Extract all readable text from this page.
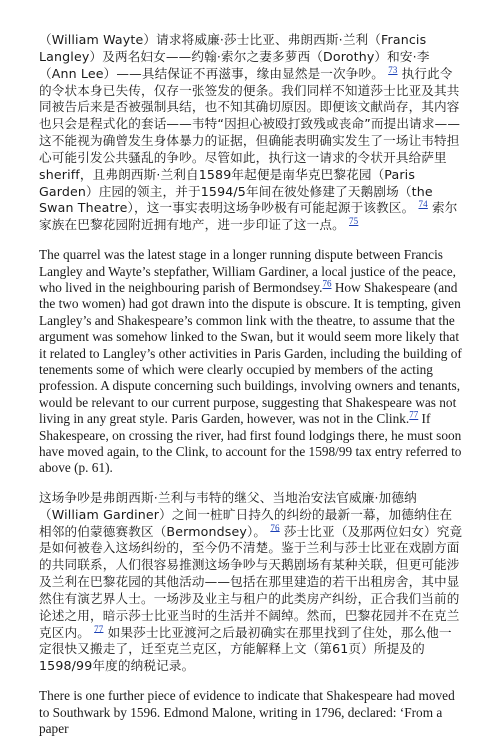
（William Wayte）请求将威廉·莎士比亚、弗朗西斯·兰利（Francis Langley）及两名妇女——约翰·索尔之妻多萝西（Dorothy）和安·李（Ann Lee）——具结保证不再滋事，缘由显然是一次争吵。 $^{73}$ 执行此令的令状本身已失传，仅存一张签发的便条。我们同样不知道莎士比亚及其共同被告后来是否被强制具结，也不知其确切原因。即便该文献尚存，其内容也只会是程式化的套话——韦特“因担心被殴打致残或丧命”而提出请求——这不能视为确曾发生身体暴力的证据，但确能表明确实发生了一场让韦特担心可能引发公共骚乱的争吵。尽管如此，执行这一请求的令状开具给萨里 sheriff，且弗朗西斯·兰利自1589年起便是南华克巴黎花园（Paris Garden）庄园的领主，并于1594/5年间在彼处修建了天鹅剧场（the Swan Theatre），这一事实表明这场争吵极有可能起源于该教区。 $^{74}$ 索尔家族在巴黎花园附近拥有地产，进一步印证了这一点。 $^{75}$

The quarrel was the latest stage in a longer running dispute between Francis Langley and Wayte’s stepfather, William Gardiner, a local justice of the peace, who lived in the neighbouring parish of Bermondsey.$^{76}$ How Shakespeare (and the two women) had got drawn into the dispute is obscure. It is tempting, given Langley’s and Shakespeare’s common link with the theatre, to assume that the argument was somehow linked to the Swan, but it would seem more likely that it related to Langley’s other activities in Paris Garden, including the building of tenements some of which were clearly occupied by members of the acting profession. A dispute concerning such buildings, involving owners and tenants, would be relevant to our current purpose, suggesting that Shakespeare was not living in any great style. Paris Garden, however, was not in the Clink.$^{77}$ If Shakespeare, on crossing the river, had first found lodgings there, he must soon have moved again, to the Clink, to account for the 1598/99 tax entry referred to above (p. 61).

这场争吵是弗朗西斯·兰利与韦特的继父、当地治安法官威廉·加德纳（William Gardiner）之间一桩旷日持久的纠纷的最新一幕，加德纳住在相邻的伯蒙德赛教区（Bermondsey）。 $^{76}$ 莎士比亚（及那两位妇女）究竟是如何被卷入这场纠纷的，至今仍不清楚。鉴于兰利与莎士比亚在戏剧方面的共同联系，人们很容易推测这场争吵与天鹅剧场有某种关联，但更可能涉及兰利在巴黎花园的其他活动——包括在那里建造的若干出租房舍，其中显然住有演艺界人士。一场涉及业主与租户的此类房产纠纷，正合我们当前的论述之用，暗示莎士比亚当时的生活并不阔绰。然而，巴黎花园并不在克兰克区内。 $^{77}$ 如果莎士比亚渡河之后最初确实在那里找到了住处，那么他一定很快又搬走了，迁至克兰克区，方能解释上文（第61页）所提及的1598/99年度的纳税记录。

There is one further piece of evidence to indicate that Shakespeare had moved to Southwark by 1596. Edmond Malone, writing in 1796, declared: ‘From a paper
